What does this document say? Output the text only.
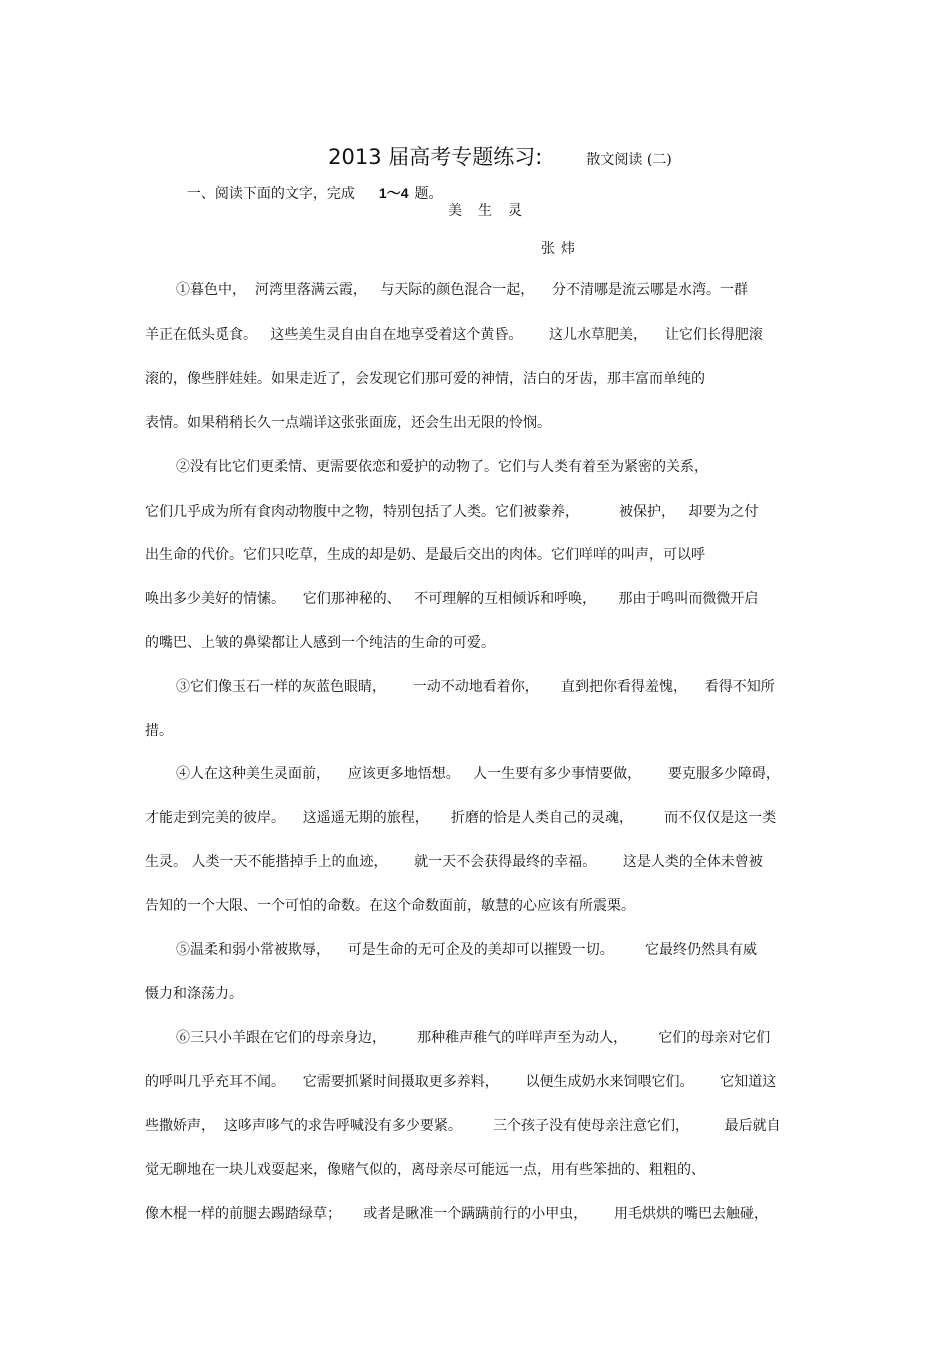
2013 届高考专题练习:	散文阅读 (二)

一、阅读下面的文字，完成 1～4 题。

美生灵
张炜
①暮色中，  河湾里落满云霞，   与天际的颜色混合一起，    分不清哪是流云哪是水湾。一群
羊正在低头觅食。   这些美生灵自由自在地享受着这个黄昏。      这儿水草肥美，    让它们长得肥滚
滚的，像些胖娃娃。如果走近了，会发现它们那可爱的神情，洁白的牙齿，那丰富而单纯的
表情。如果稍稍长久一点端详这张张面庞，还会生出无限的怜悯。
②没有比它们更柔情、更需要依恋和爱护的动物了。它们与人类有着至为紧密的关系，
它们几乎成为所有食肉动物腹中之物，特别包括了人类。它们被豢养，         被保护，   却要为之付
出生命的代价。它们只吃草，生成的却是奶、是最后交出的肉体。它们咩咩的叫声，可以呼
唤出多少美好的情愫。    它们那神秘的、   不可理解的互相倾诉和呼唤，     那由于鸣叫而微微开启
的嘴巴、上皱的鼻梁都让人感到一个纯洁的生命的可爱。
③它们像玉石一样的灰蓝色眼睛，      一动不动地看着你，     直到把你看得羞愧，    看得不知所
措。
④人在这种美生灵面前，    应该更多地悟想。   人一生要有多少事情要做，      要克服多少障碍，
才能走到完美的彼岸。    这遥遥无期的旅程，     折磨的恰是人类自己的灵魂，       而不仅仅是这一类
生灵。 人类一天不能揩掉手上的血迹，      就一天不会获得最终的幸福。      这是人类的全体未曾被
告知的一个大限、一个可怕的命数。在这个命数面前，敏慧的心应该有所震栗。
⑤温柔和弱小常被欺辱，    可是生命的无可企及的美却可以摧毁一切。       它最终仍然具有威
慑力和涤荡力。
⑥三只小羊跟在它们的母亲身边，       那种稚声稚气的咩咩声至为动人，       它们的母亲对它们
的呼叫几乎充耳不闻。    它需要抓紧时间摄取更多养料，      以便生成奶水来饲喂它们。      它知道这
些撒娇声，  这哆声哆气的求告呼喊没有多少要紧。       三个孩子没有使母亲注意它们，        最后就自
觉无聊地在一块儿戏耍起来，像赌气似的，离母亲尽可能远一点，用有些笨拙的、粗粗的、
像木棍一样的前腿去踢踏绿草；     或者是瞅准一个蹒蹒前行的小甲虫，      用毛烘烘的嘴巴去触碰，
